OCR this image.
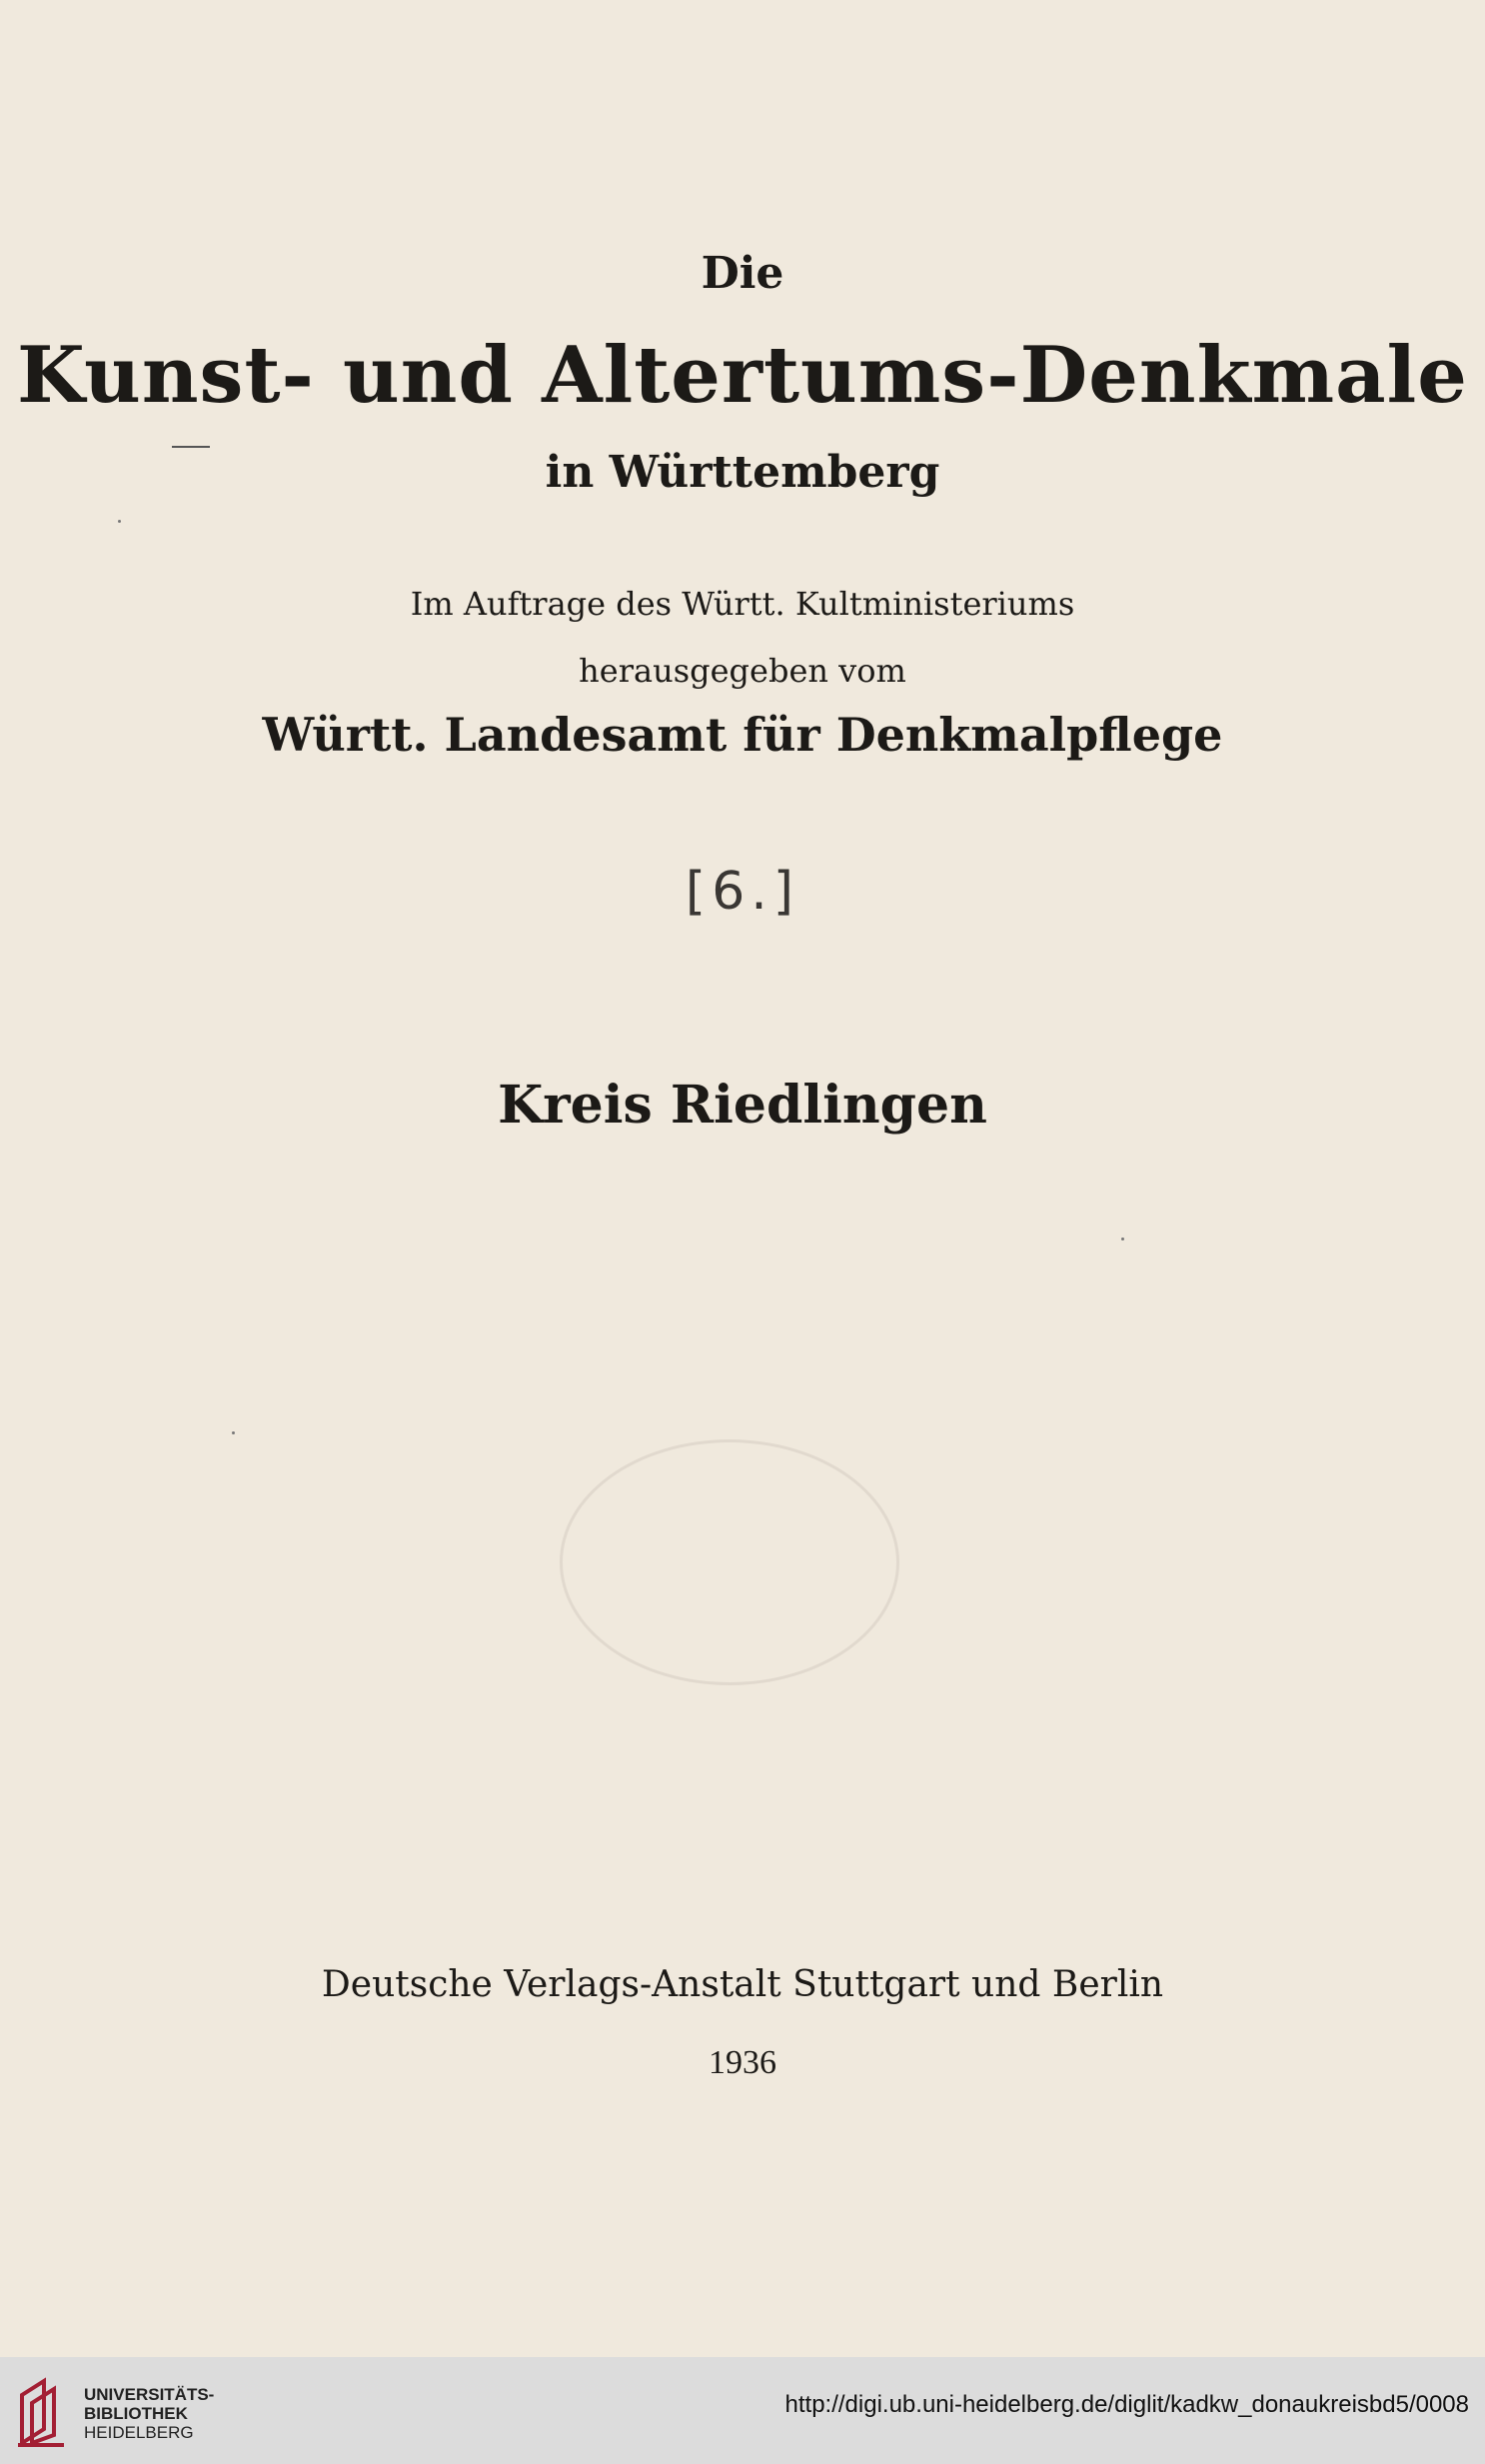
Die
Kunst- und Altertums-Denkmale
in Württemberg
Im Auftrage des Württ. Kultministeriums
herausgegeben vom
Württ. Landesamt für Denkmalpflege
[6.]
Kreis Riedlingen
Deutsche Verlags-Anstalt Stuttgart und Berlin
1936
UNIVERSITÄTS-
BIBLIOTHEK
HEIDELBERG
http://digi.ub.uni-heidelberg.de/diglit/kadkw_donaukreisbd5/0008
